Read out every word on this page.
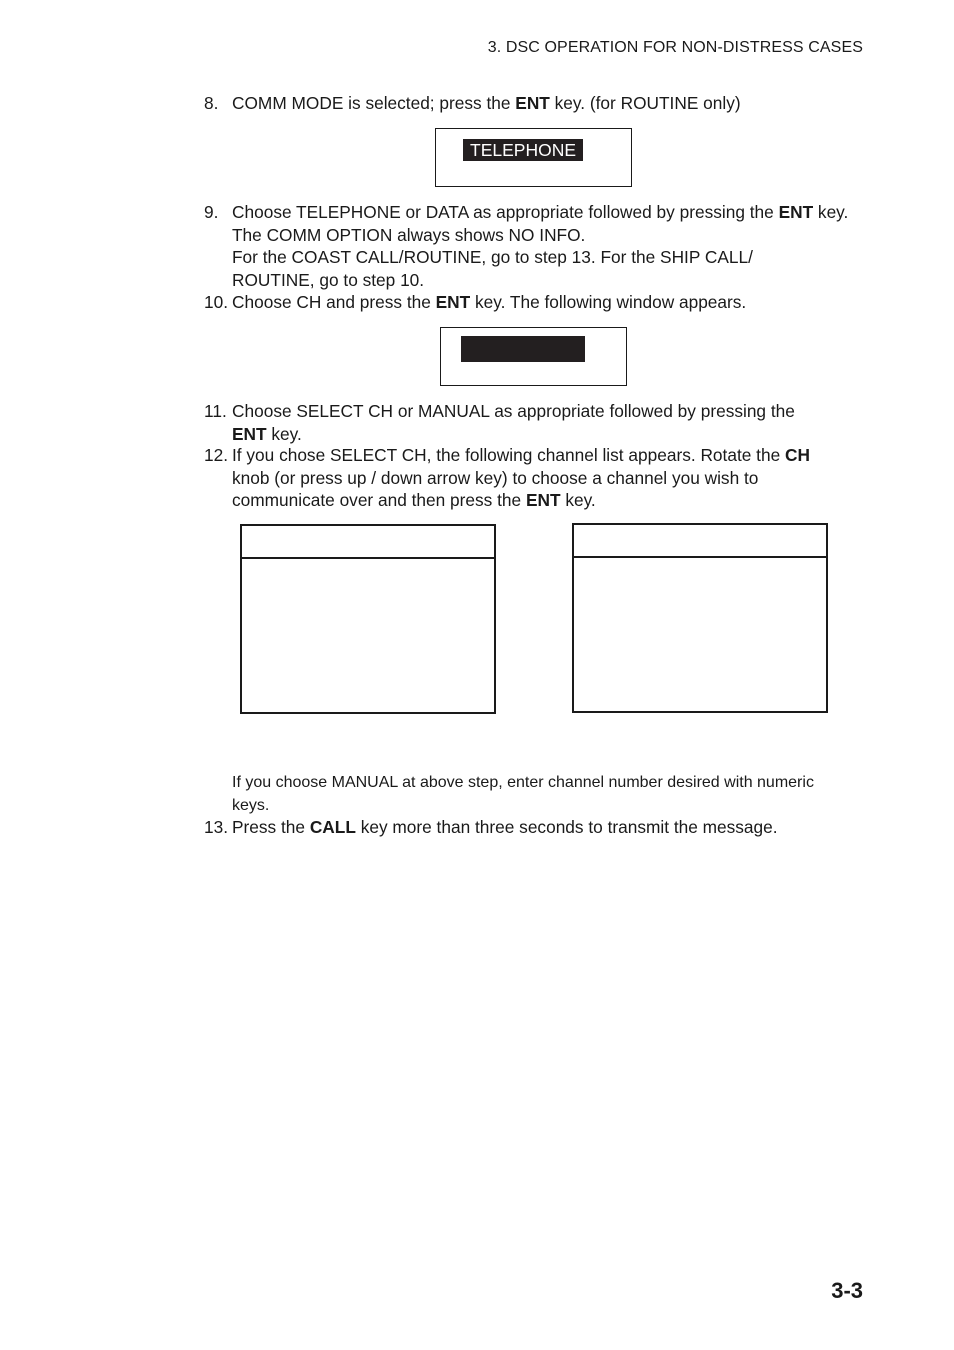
3. DSC OPERATION FOR NON-DISTRESS CASES
8. COMM MODE is selected; press the ENT key. (for ROUTINE only)
TELEPHONE
9. Choose TELEPHONE or DATA as appropriate followed by pressing the ENT key. The COMM OPTION always shows NO INFO.
For the COAST CALL/ROUTINE, go to step 13. For the SHIP CALL/
ROUTINE, go to step 10.
10. Choose CH and press the ENT key. The following window appears.
11. Choose SELECT CH or MANUAL as appropriate followed by pressing the
ENT key.
12. If you chose SELECT CH, the following channel list appears. Rotate the CH
knob (or press up / down arrow key) to choose a channel you wish to communicate over and then press the ENT key.
If you choose MANUAL at above step, enter channel number desired with numeric keys.
13. Press the CALL key more than three seconds to transmit the message.
3-3
